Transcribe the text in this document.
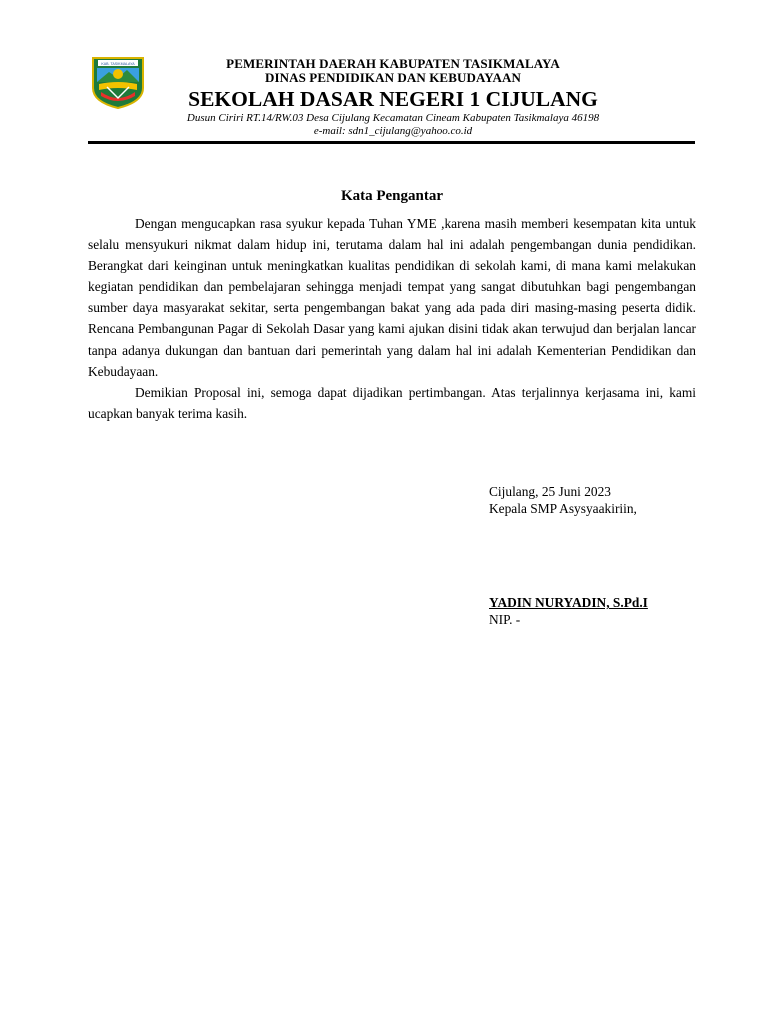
KAB. TASIKMALAYA	PEMERINTAH DAERAH KABUPATEN TASIKMALAYA
DINAS PENDIDIKAN DAN KEBUDAYAAN
SEKOLAH DASAR NEGERI 1 CIJULANG
Dusun Ciriri RT.14/RW.03 Desa Cijulang Kecamatan Cineam Kabupaten Tasikmalaya 46198
e-mail: sdn1_cijulang@yahoo.co.id
Kata Pengantar

Dengan mengucapkan rasa syukur kepada Tuhan YME ,karena masih memberi kesempatan kita untuk selalu mensyukuri nikmat dalam hidup ini, terutama dalam hal ini adalah pengembangan dunia pendidikan. Berangkat dari keinginan untuk meningkatkan kualitas pendidikan di sekolah kami, di mana kami melakukan kegiatan pendidikan dan pembelajaran sehingga menjadi tempat yang sangat dibutuhkan bagi pengembangan sumber daya masyarakat sekitar, serta pengembangan bakat yang ada pada diri masing-masing peserta didik. Rencana Pembangunan Pagar di Sekolah Dasar yang kami ajukan disini tidak akan terwujud dan berjalan lancar tanpa adanya dukungan dan bantuan dari pemerintah yang dalam hal ini adalah Kementerian Pendidikan dan Kebudayaan.

Demikian Proposal ini, semoga dapat dijadikan pertimbangan. Atas terjalinnya kerjasama ini, kami ucapkan banyak terima kasih.

Cijulang, 25 Juni 2023
Kepala SMP Asysyaakiriin,
YADIN NURYADIN, S.Pd.I
NIP. -
